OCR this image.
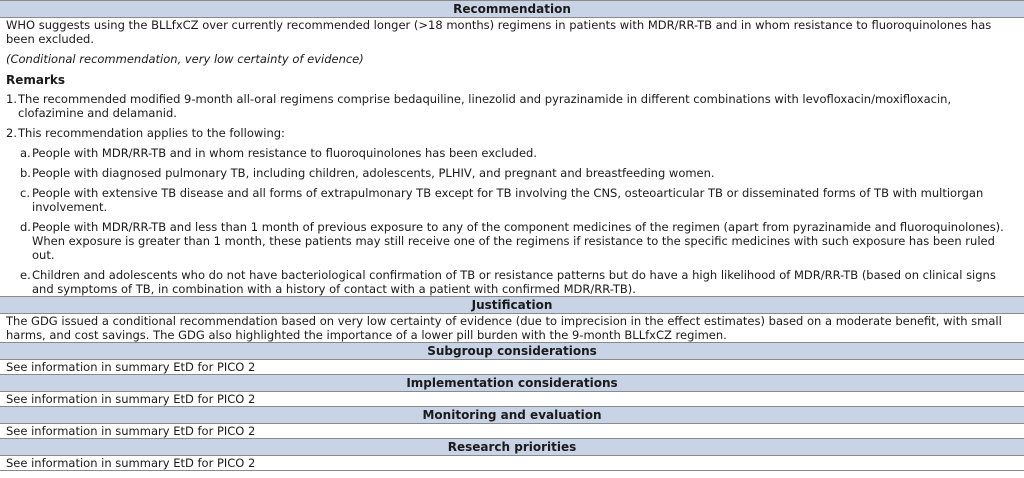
Recommendation

WHO suggests using the BLLfxCZ over currently recommended longer (>18 months) regimens in patients with MDR/RR-TB and in whom resistance to fluoroquinolones has been excluded.

(Conditional recommendation, very low certainty of evidence)

Remarks
1. The recommended modified 9-month all-oral regimens comprise bedaquiline, linezolid and pyrazinamide in different combinations with levofloxacin/moxifloxacin, clofazimine and delamanid.
2. This recommendation applies to the following:
a. People with MDR/RR-TB and in whom resistance to fluoroquinolones has been excluded.
b. People with diagnosed pulmonary TB, including children, adolescents, PLHIV, and pregnant and breastfeeding women.
c. People with extensive TB disease and all forms of extrapulmonary TB except for TB involving the CNS, osteoarticular TB or disseminated forms of TB with multiorgan involvement.
d. People with MDR/RR-TB and less than 1 month of previous exposure to any of the component medicines of the regimen (apart from pyrazinamide and fluoroquinolones). When exposure is greater than 1 month, these patients may still receive one of the regimens if resistance to the specific medicines with such exposure has been ruled out.
e. Children and adolescents who do not have bacteriological confirmation of TB or resistance patterns but do have a high likelihood of MDR/RR-TB (based on clinical signs and symptoms of TB, in combination with a history of contact with a patient with confirmed MDR/RR-TB).
Justification

The GDG issued a conditional recommendation based on very low certainty of evidence (due to imprecision in the effect estimates) based on a moderate benefit, with small harms, and cost savings. The GDG also highlighted the importance of a lower pill burden with the 9-month BLLfxCZ regimen.

Subgroup considerations

See information in summary EtD for PICO 2

Implementation considerations

See information in summary EtD for PICO 2

Monitoring and evaluation

See information in summary EtD for PICO 2

Research priorities

See information in summary EtD for PICO 2
